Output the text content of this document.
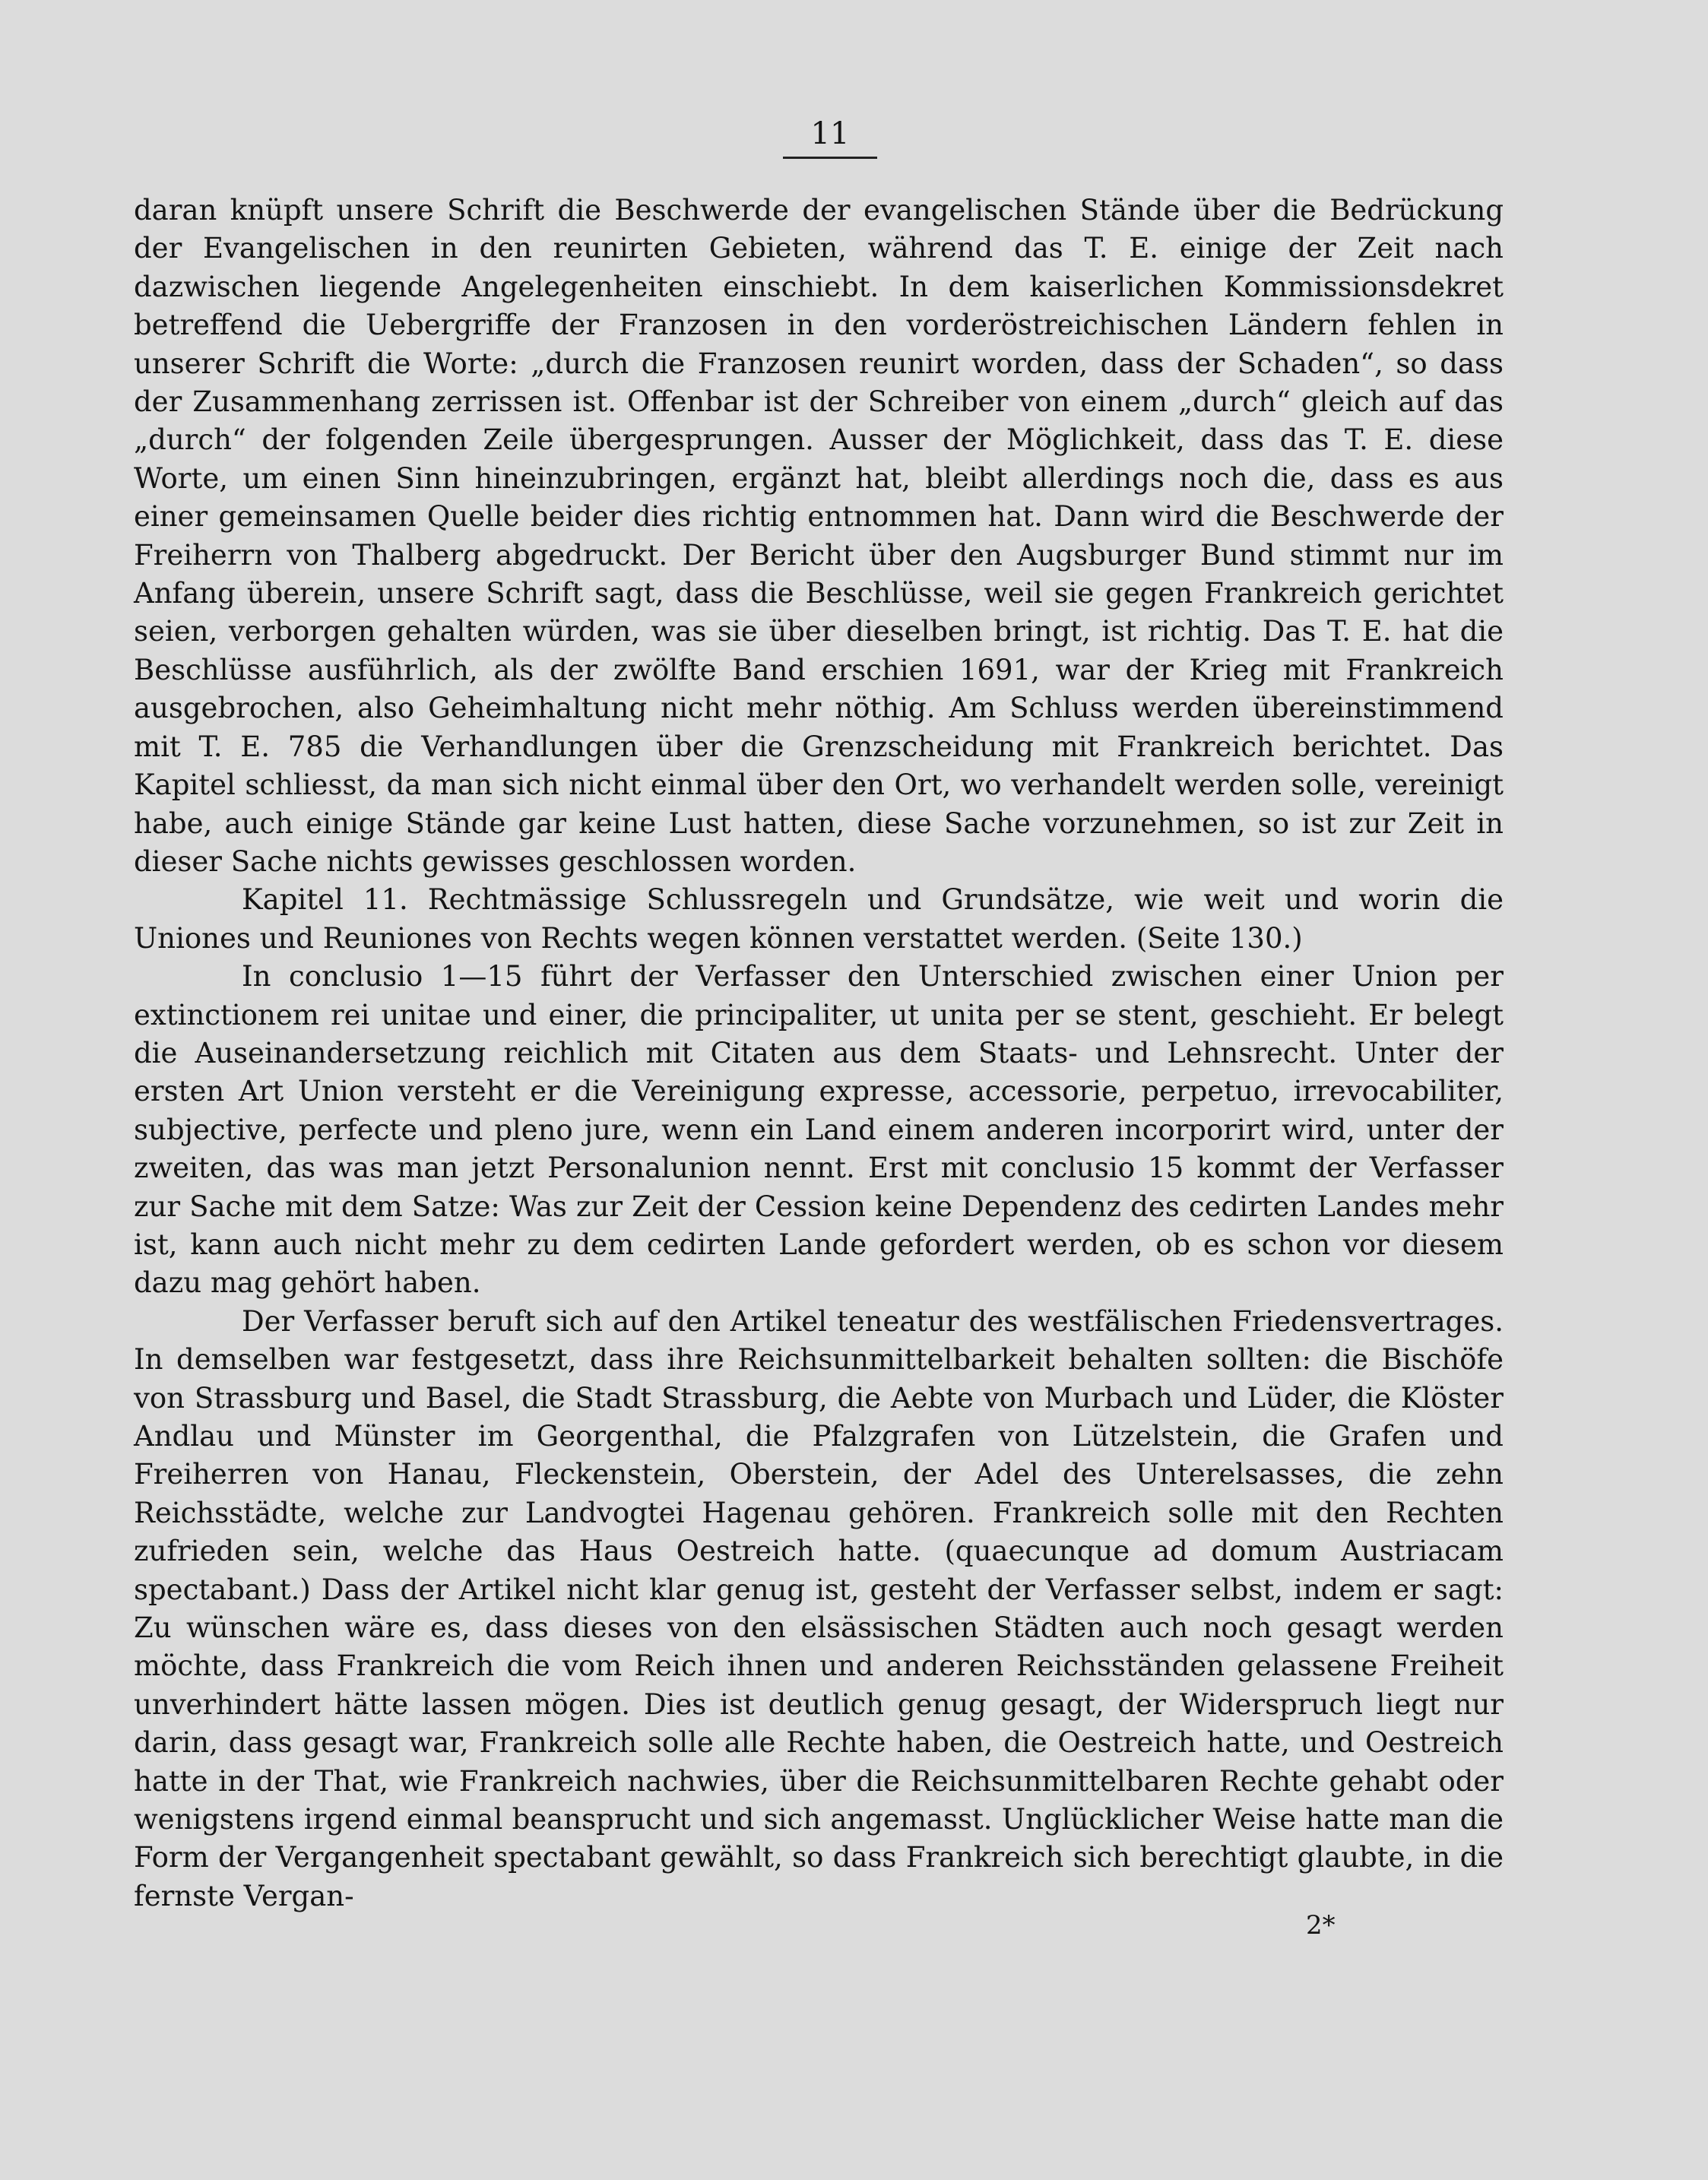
11

daran knüpft unsere Schrift die Beschwerde der evangelischen Stände über die Bedrückung der Evangelischen in den reunirten Gebieten, während das T. E. einige der Zeit nach dazwischen liegende Angelegenheiten einschiebt. In dem kaiserlichen Kommissionsdekret betreffend die Uebergriffe der Franzosen in den vorderöstreichischen Ländern fehlen in unserer Schrift die Worte: „durch die Franzosen reunirt worden, dass der Schaden“, so dass der Zusammenhang zerrissen ist. Offenbar ist der Schreiber von einem „durch“ gleich auf das „durch“ der folgenden Zeile übergesprungen. Ausser der Möglichkeit, dass das T. E. diese Worte, um einen Sinn hineinzubringen, ergänzt hat, bleibt allerdings noch die, dass es aus einer gemeinsamen Quelle beider dies richtig entnommen hat. Dann wird die Beschwerde der Freiherrn von Thalberg abgedruckt. Der Bericht über den Augsburger Bund stimmt nur im Anfang überein, unsere Schrift sagt, dass die Beschlüsse, weil sie gegen Frankreich gerichtet seien, verborgen gehalten würden, was sie über dieselben bringt, ist richtig. Das T. E. hat die Beschlüsse ausführlich, als der zwölfte Band erschien 1691, war der Krieg mit Frankreich ausgebrochen, also Geheimhaltung nicht mehr nöthig. Am Schluss werden übereinstimmend mit T. E. 785 die Verhandlungen über die Grenzscheidung mit Frankreich berichtet. Das Kapitel schliesst, da man sich nicht einmal über den Ort, wo verhandelt werden solle, vereinigt habe, auch einige Stände gar keine Lust hatten, diese Sache vorzunehmen, so ist zur Zeit in dieser Sache nichts gewisses geschlossen worden.

Kapitel 11. Rechtmässige Schlussregeln und Grundsätze, wie weit und worin die Uniones und Reuniones von Rechts wegen können verstattet werden. (Seite 130.)

In conclusio 1—15 führt der Verfasser den Unterschied zwischen einer Union per extinctionem rei unitae und einer, die principaliter, ut unita per se stent, geschieht. Er belegt die Auseinandersetzung reichlich mit Citaten aus dem Staats- und Lehnsrecht. Unter der ersten Art Union versteht er die Vereinigung expresse, accessorie, perpetuo, irrevocabiliter, subjective, perfecte und pleno jure, wenn ein Land einem anderen incorporirt wird, unter der zweiten, das was man jetzt Personalunion nennt. Erst mit conclusio 15 kommt der Verfasser zur Sache mit dem Satze: Was zur Zeit der Cession keine Dependenz des cedirten Landes mehr ist, kann auch nicht mehr zu dem cedirten Lande gefordert werden, ob es schon vor diesem dazu mag gehört haben.

Der Verfasser beruft sich auf den Artikel teneatur des westfälischen Friedensvertrages. In demselben war festgesetzt, dass ihre Reichsunmittelbarkeit behalten sollten: die Bischöfe von Strassburg und Basel, die Stadt Strassburg, die Aebte von Murbach und Lüder, die Klöster Andlau und Münster im Georgenthal, die Pfalzgrafen von Lützelstein, die Grafen und Freiherren von Hanau, Fleckenstein, Oberstein, der Adel des Unterelsasses, die zehn Reichsstädte, welche zur Landvogtei Hagenau gehören. Frankreich solle mit den Rechten zufrieden sein, welche das Haus Oestreich hatte. (quaecunque ad domum Austriacam spectabant.) Dass der Artikel nicht klar genug ist, gesteht der Verfasser selbst, indem er sagt: Zu wünschen wäre es, dass dieses von den elsässischen Städten auch noch gesagt werden möchte, dass Frankreich die vom Reich ihnen und anderen Reichsständen gelassene Freiheit unverhindert hätte lassen mögen. Dies ist deutlich genug gesagt, der Widerspruch liegt nur darin, dass gesagt war, Frankreich solle alle Rechte haben, die Oestreich hatte, und Oestreich hatte in der That, wie Frankreich nachwies, über die Reichsunmittelbaren Rechte gehabt oder wenigstens irgend einmal beansprucht und sich angemasst. Unglücklicher Weise hatte man die Form der Vergangenheit spectabant gewählt, so dass Frankreich sich berechtigt glaubte, in die fernste Vergan-

2*
